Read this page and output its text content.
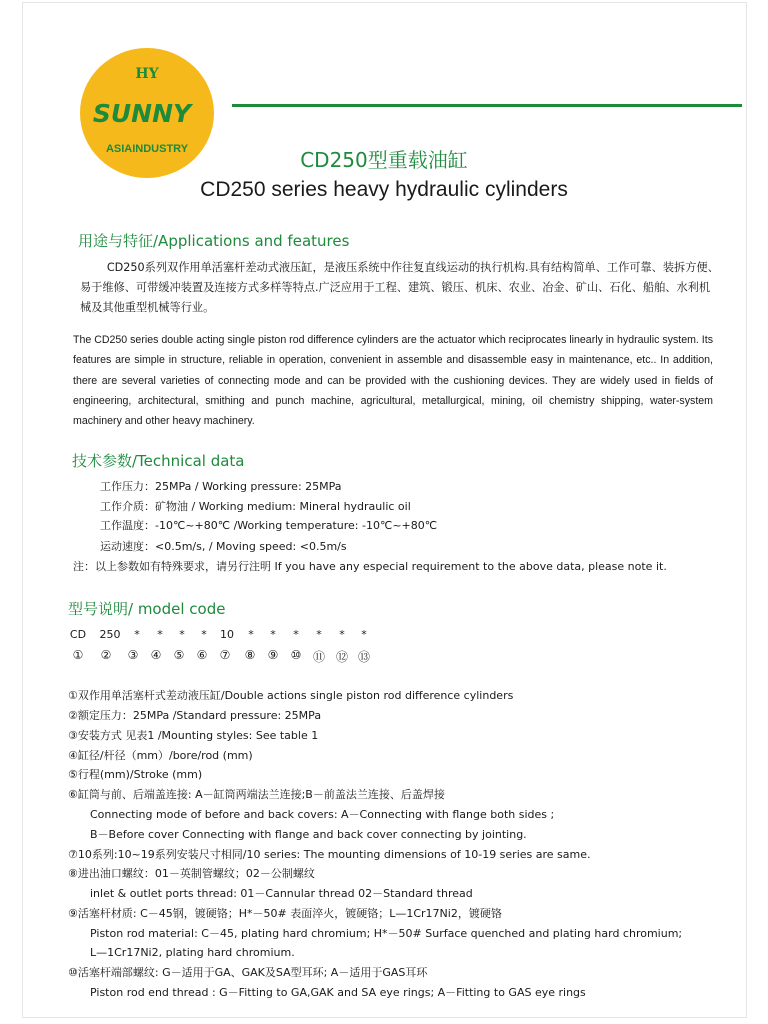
HY
SUNNY
ASIAINDUSTRY	CD250型重载油缸
CD250 series heavy hydraulic cylinders
用途与特征/Applications and features
CD250系列双作用单活塞杆差动式液压缸，是液压系统中作往复直线运动的执行机构.具有结构简单、工作可靠、装拆方便、易于维修、可带缓冲装置及连接方式多样等特点.广泛应用于工程、建筑、锻压、机床、农业、冶金、矿山、石化、船舶、水利机械及其他重型机械等行业。
The CD250 series double acting single piston rod difference cylinders are the actuator which reciprocates linearly in hydraulic system. Its features are simple in structure, reliable in operation, convenient in assemble and disassemble easy in maintenance, etc.. In addition, there are several varieties of connecting mode and can be provided with the cushioning devices. They are widely used in fields of engineering, architectural, smithing and punch machine, agricultural, metallurgical, mining, oil chemistry shipping, water-system machinery and other heavy machinery.
技术参数/Technical data
工作压力：25MPa / Working pressure: 25MPa
工作介质：矿物油 / Working medium: Mineral hydraulic oil
工作温度：-10℃~+80℃ /Working temperature: -10℃~+80℃
运动速度：<0.5m/s, / Moving speed: <0.5m/s
注：以上参数如有特殊要求，请另行注明 If you have any especial requirement to the above data, please note it.
型号说明/ model code
CD 250 * * * * 10 * * * * * *
① ② ③ ④ ⑤ ⑥ ⑦ ⑧ ⑨ ⑩ ⑪ ⑫ ⑬
①双作用单活塞杆式差动液压缸/Double actions single piston rod difference cylinders
②额定压力：25MPa /Standard pressure: 25MPa
③安装方式 见表1 /Mounting styles: See table 1
④缸径/杆径（mm）/bore/rod (mm)
⑤行程(mm)/Stroke (mm)
⑥缸筒与前、后端盖连接: A－缸筒两端法兰连接;B－前盖法兰连接、后盖焊接
Connecting mode of before and back covers: A－Connecting with flange both sides ;
B－Before cover Connecting with flange and back cover connecting by jointing.
⑦10系列:10~19系列安装尺寸相同/10 series: The mounting dimensions of 10-19 series are same.
⑧进出油口螺纹：01－英制管螺纹；02－公制螺纹
inlet & outlet ports thread: 01－Cannular thread 02－Standard thread
⑨活塞杆材质: C－45钢，镀硬铬；H*－50# 表面淬火，镀硬铬；L—1Cr17Ni2，镀硬铬
Piston rod material: C－45, plating hard chromium; H*－50# Surface quenched and plating hard chromium;
L—1Cr17Ni2, plating hard chromium.
⑩活塞杆端部螺纹: G－适用于GA、GAK及SA型耳环; A－适用于GAS耳环
Piston rod end thread : G－Fitting to GA,GAK and SA eye rings; A－Fitting to GAS eye rings
